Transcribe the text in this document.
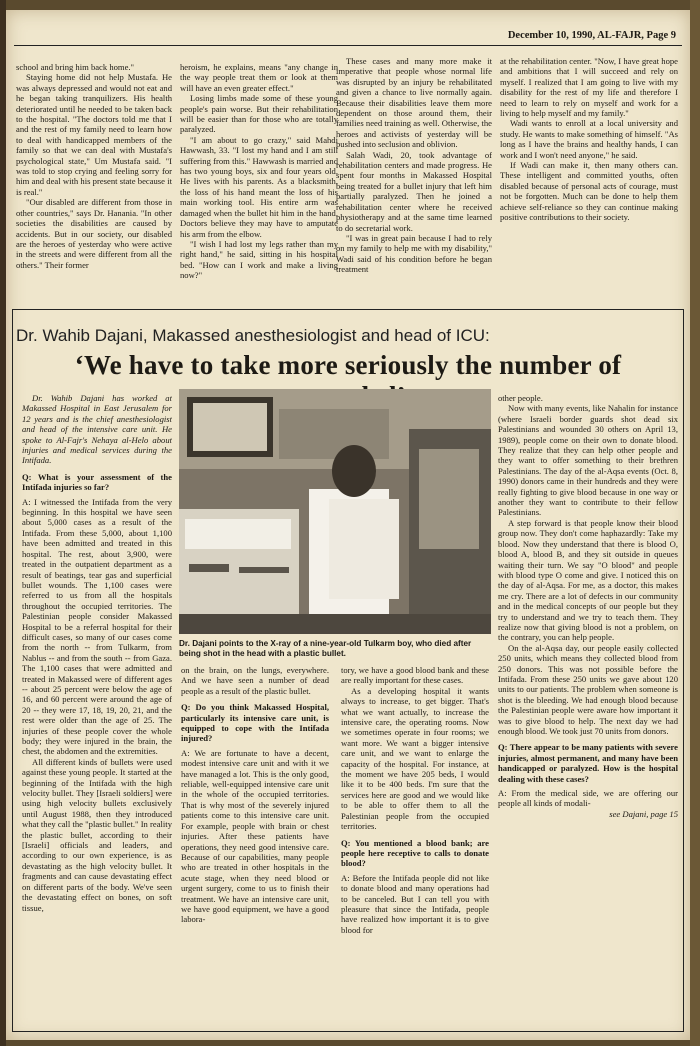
December 10, 1990, AL-FAJR, Page 9

school and bring him back home."

Staying home did not help Mustafa. He was always depressed and would not eat and he began taking tranquilizers. His health deteriorated until he needed to be taken back to the hospital. "The doctors told me that I and the rest of my family need to learn how to deal with handicapped members of the family so that we can deal with Mustafa's psychological state," Um Mustafa said. "I was told to stop crying and feeling sorry for him and deal with his present state because it is real."

"Our disabled are different from those in other countries," says Dr. Hanania. "In other societies the disabilities are caused by accidents. But in our society, our disabled are the heroes of yesterday who were active in the streets and were different from all the others." Their former

heroism, he explains, means "any change in the way people treat them or look at them will have an even greater effect."

Losing limbs made some of these young people's pain worse. But their rehabilitation will be easier than for those who are totally paralyzed.

"I am about to go crazy," said Mahdi Hawwash, 33. "I lost my hand and I am still suffering from this." Hawwash is married and has two young boys, six and four years old. He lives with his parents. As a blacksmith, the loss of his hand meant the loss of his main working tool. His entire arm was damaged when the bullet hit him in the hand. Doctors believe they may have to amputate his arm from the elbow.

"I wish I had lost my legs rather than my right hand," he said, sitting in his hospital bed. "How can I work and make a living now?"

These cases and many more make it imperative that people whose normal life was disrupted by an injury be rehabilitated and given a chance to live normally again. Because their disabilities leave them more dependent on those around them, their families need training as well. Otherwise, the heroes and activists of yesterday will be pushed into seclusion and oblivion.

Salah Wadi, 20, took advantage of rehabilitation centers and made progress. He spent four months in Makassed Hospital being treated for a bullet injury that left him partially paralyzed. Then he joined a rehabilitation center where he received physiotherapy and at the same time learned to do secretarial work.

"I was in great pain because I had to rely on my family to help me with my disability," Wadi said of his condition before he began treatment

at the rehabilitation center. "Now, I have great hope and ambitions that I will succeed and rely on myself. I realized that I am going to live with my disability for the rest of my life and therefore I need to learn to rely on myself and work for a living to help myself and my family."

Wadi wants to enroll at a local university and study. He wants to make something of himself. "As long as I have the brains and healthy hands, I can work and I won't need anyone," he said.

If Wadi can make it, then many others can. These intelligent and committed youths, often disabled because of personal acts of courage, must not be forgotten. Much can be done to help them achieve self-reliance so they can continue making positive contributions to their society.

Dr. Wahib Dajani, Makassed anesthesiologist and head of ICU:
‘We have to take more seriously the number of

Dr. Wahib Dajani has worked at Makassed Hospital in East Jerusalem for 12 years and is the chief anesthesiologist and head of the intensive care unit. He spoke to Al-Fajr's Nehaya al-Helo about injuries and medical services during the Intifada.

Q: What is your assessment of the Intifada injuries so far?

A: I witnessed the Intifada from the very beginning. In this hospital we have seen about 5,000 cases as a result of the Intifada. From these 5,000, about 1,100 have been admitted and treated in this hospital. The rest, about 3,900, were treated in the outpatient department as a result of beatings, tear gas and superficial bullet wounds. The 1,100 cases were referred to us from all the hospitals throughout the occupied territories. The Palestinian people consider Makassed Hospital to be a referral hospital for their difficult cases, so many of our cases come from the north -- from Tulkarm, from Nablus -- and from the south -- from Gaza. The 1,100 cases that were admitted and treated in Makassed were of different ages -- about 25 percent were below the age of 16, and 60 percent were around the age of 20 -- they were 17, 18, 19, 20, 21, and the rest were older than the age of 25. The injuries of these people cover the whole body; they were injured in the brain, the chest, the abdomen and the extremities.

All different kinds of bullets were used against these young people. It started at the beginning of the Intifada with the high velocity bullet. They [Israeli soldiers] were using high velocity bullets exclusively until August 1988, then they introduced what they call the "plastic bullet." In reality the plastic bullet, according to their [Israeli] officials and leaders, and according to our own experience, is as devastating as the high velocity bullet. It fragments and can cause devastating effect on different parts of the body. We've seen the devastating effect on bones, on soft tissue,

Dr. Dajani points to the X-ray of a nine-year-old Tulkarm boy, who died after being shot in the head with a plastic bullet.

on the brain, on the lungs, everywhere. And we have seen a number of dead people as a result of the plastic bullet.

Q: Do you think Makassed Hospital, particularly its intensive care unit, is equipped to cope with the Intifada injured?

A: We are fortunate to have a decent, modest intensive care unit and with it we have managed a lot. This is the only good, reliable, well-equipped intensive care unit in the whole of the occupied territories. That is why most of the severely injured patients come to this intensive care unit. For example, people with brain or chest injuries. After these patients have operations, they need good intensive care. Because of our capabilities, many people who are treated in other hospitals in the acute stage, when they need blood or urgent surgery, come to us to finish their treatment. We have an intensive care unit, we have good equipment, we have a good labora-

tory, we have a good blood bank and these are really important for these cases.

As a developing hospital it wants always to increase, to get bigger. That's what we want actually, to increase the intensive care, the operating rooms. Now we sometimes operate in four rooms; we want more. We want a bigger intensive care unit, and we want to enlarge the capacity of the hospital. For instance, at the moment we have 205 beds, I would like it to be 400 beds. I'm sure that the services here are good and we would like to be able to offer them to all the Palestinian people from the occupied territories.

Q: You mentioned a blood bank; are people here receptive to calls to donate blood?

A: Before the Intifada people did not like to donate blood and many operations had to be canceled. But I can tell you with pleasure that since the Intifada, people have realized how important it is to give blood for

other people.

Now with many events, like Nahalin for instance (where Israeli border guards shot dead six Palestinians and wounded 30 others on April 13, 1989), people come on their own to donate blood. They realize that they can help other people and they want to offer something to their brethren Palestinians. The day of the al-Aqsa events (Oct. 8, 1990) donors came in their hundreds and they were really fighting to give blood because in one way or another they want to contribute to their fellow Palestinians.

A step forward is that people know their blood group now. They don't come haphazardly: Take my blood. Now they understand that there is blood O, blood A, blood B, and they sit outside in queues waiting their turn. We say "O blood" and people with blood type O come and give. I noticed this on the day of al-Aqsa. For me, as a doctor, this makes me cry. There are a lot of defects in our community and in the medical concepts of our people but they try to understand and we try to teach them. They realize now that giving blood is not a problem, on the contrary, you can help people.

On the al-Aqsa day, our people easily collected 250 units, which means they collected blood from 250 donors. This was not possible before the Intifada. From these 250 units we gave about 120 units to our patients. The problem when someone is shot is the bleeding. We had enough blood because the Palestinian people were aware how important it was to give blood to help. The next day we had enough blood. We took just 70 units from donors.

Q: There appear to be many patients with severe injuries, almost permanent, and many have been handicapped or paralyzed. How is the hospital dealing with these cases?

A: From the medical side, we are offering our people all kinds of modali-

see Dajani, page 15
